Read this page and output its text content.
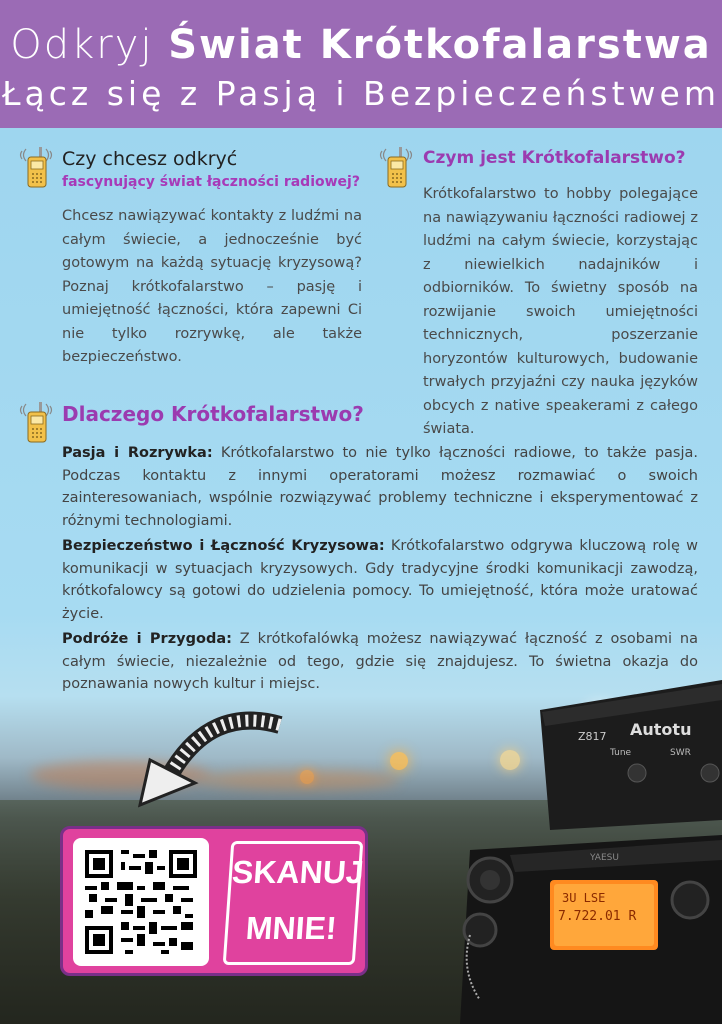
Odkryj Świat Krótkofalarstwa
Łącz się z Pasją i Bezpieczeństwem
Czy chcesz odkryć
fascynujący świat łączności radiowej?
Chcesz nawiązywać kontakty z ludźmi na całym świecie, a jednocześnie być gotowym na każdą sytuację kryzysową? Poznaj krótkofalarstwo – pasję i umiejętność łączności, która zapewni Ci nie tylko rozrywkę, ale także bezpieczeństwo.
Czym jest Krótkofalarstwo?
Krótkofalarstwo to hobby polegające na nawiązywaniu łączności radiowej z ludźmi na całym świecie, korzystając z niewielkich nadajników i odbiorników. To świetny sposób na rozwijanie swoich umiejętności technicznych, poszerzanie horyzontów kulturowych, budowanie trwałych przyjaźni czy nauka języków obcych z native speakerami z całego świata.
Dlaczego Krótkofalarstwo?
Pasja i Rozrywka: Krótkofalarstwo to nie tylko łączności radiowe, to także pasja. Podczas kontaktu z innymi operatorami możesz rozmawiać o swoich zainteresowaniach, wspólnie rozwiązywać problemy techniczne i eksperymentować z różnymi technologiami.
Bezpieczeństwo i Łączność Kryzysowa: Krótkofalarstwo odgrywa kluczową rolę w komunikacji w sytuacjach kryzysowych. Gdy tradycyjne środki komunikacji zawodzą, krótkofalowcy są gotowi do udzielenia pomocy. To umiejętność, która może uratować życie.
Podróże i Przygoda: Z krótkofalówką możesz nawiązywać łączność z osobami na całym świecie, niezależnie od tego, gdzie się znajdujesz. To świetna okazja do poznawania nowych kultur i miejsc.
SKANUJ
MNIE!
Autotu
Z817
Tune	SWR
YAESU
3U LSE
7.722.01 R
